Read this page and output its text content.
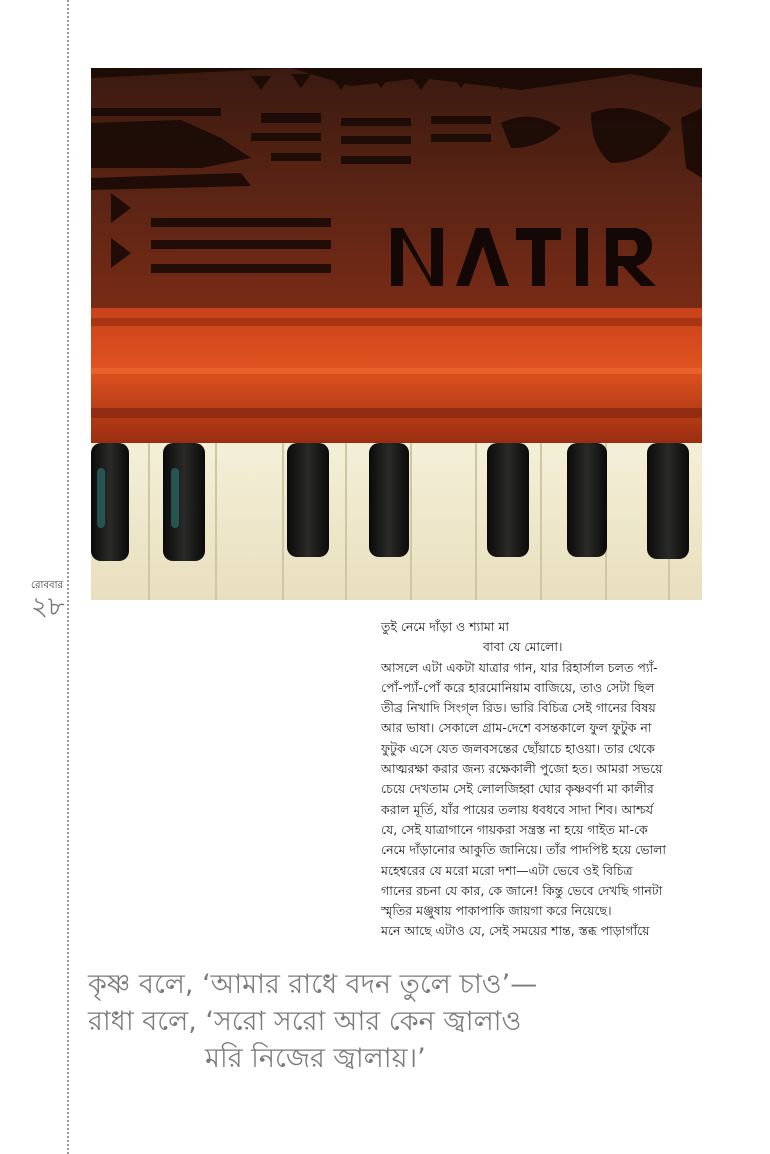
রোববার
২৮
তুই নেমে দাঁড়া ও শ্যামা মা
বাবা যে মোলো।
আসলে এটা একটা যাত্রার গান, যার রিহার্সাল চলত প্যাঁ-
পোঁ-প্যাঁ-পোঁ করে হারমোনিয়াম বাজিয়ে, তাও সেটা ছিল
তীব্র নিখাদি সিংগ্‌ল রিড। ভারি বিচিত্র সেই গানের বিষয়
আর ভাষা। সেকালে গ্রাম-দেশে বসন্তকালে ফুল ফুটুক না
ফুটুক এসে যেত জলবসন্তের ছোঁয়াচে হাওয়া। তার থেকে
আত্মরক্ষা করার জন্য রক্ষেকালী পুজো হত। আমরা সভয়ে
চেয়ে দেখতাম সেই লোলজিহ্বা ঘোর কৃষ্ণবর্ণা মা কালীর
করাল মূর্তি, যাঁর পায়ের তলায় ধবধবে সাদা শিব। আশ্চর্য
যে, সেই যাত্রাগানে গায়করা সন্ত্রস্ত না হয়ে গাইত মা-কে
নেমে দাঁড়ানোর আকুতি জানিয়ে। তাঁর পাদপিষ্ট হয়ে ভোলা
মহেশ্বরের যে মরো মরো দশা—এটা ভেবে ওই বিচিত্র
গানের রচনা যে কার, কে জানে! কিন্তু ভেবে দেখছি গানটা
স্মৃতির মঞ্জুষায় পাকাপাকি জায়গা করে নিয়েছে।
মনে আছে এটাও যে, সেই সময়ের শান্ত, স্তব্ধ পাড়াগাঁয়ে
কৃষ্ণ বলে, ‘আমার রাধে বদন তুলে চাও’—
রাধা বলে, ‘সরো সরো আর কেন জ্বালাও
মরি নিজের জ্বালায়।’
